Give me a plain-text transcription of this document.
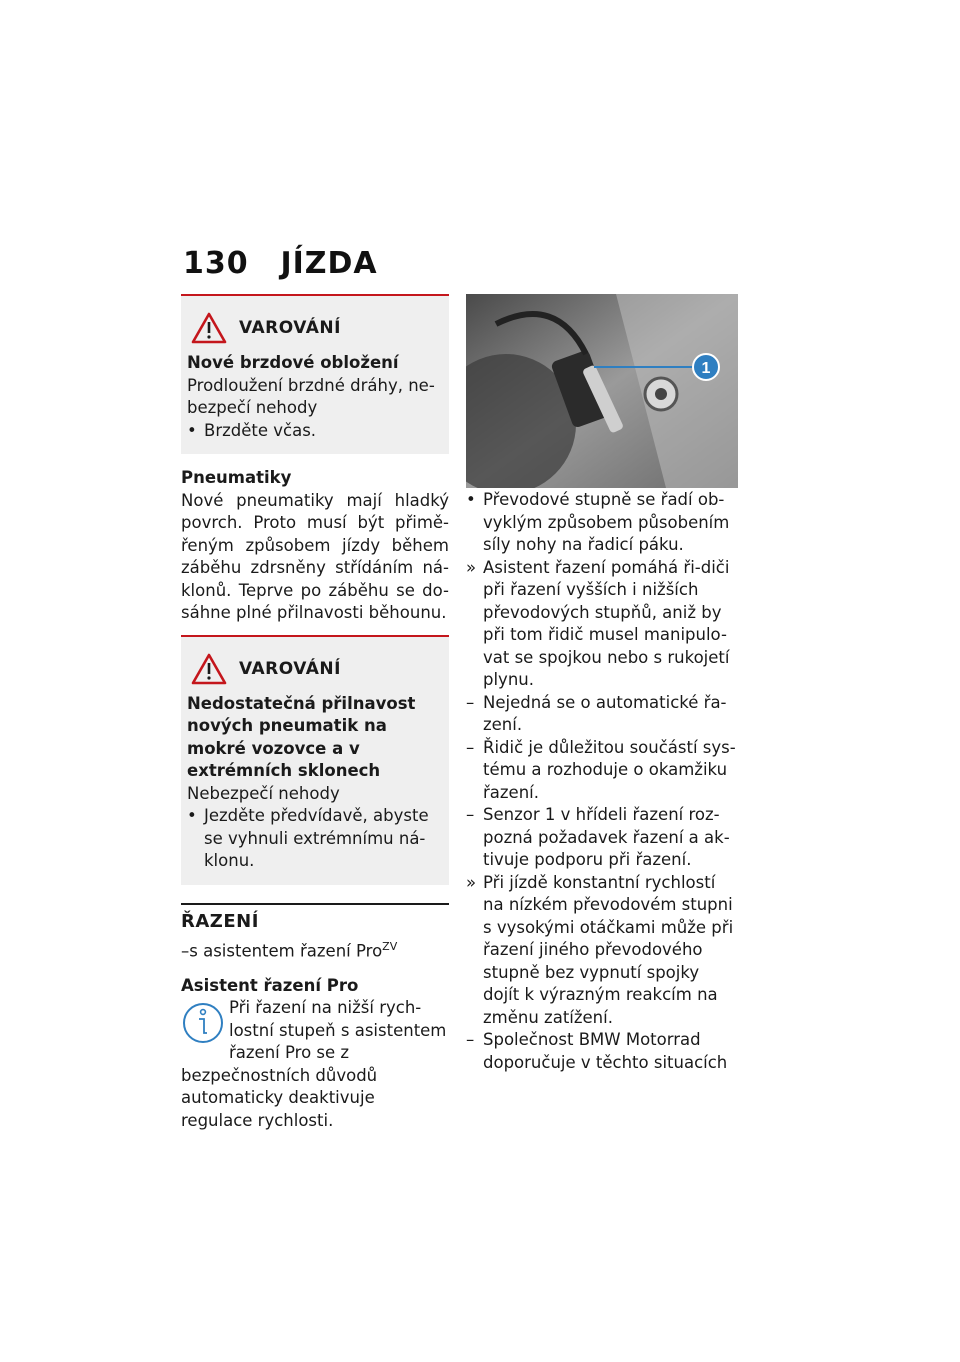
130 JÍZDA
VAROVÁNÍ

Nové brzdové obložení

Prodloužení brzdné dráhy, ne-bezpečí nehody

• Brzděte včas.

Pneumatiky

Nové pneumatiky mají hladký povrch. Proto musí být přimě-řeným způsobem jízdy během záběhu zdrsněny střídáním ná-klonů. Teprve po záběhu se do-sáhne plné přilnavosti běhounu.

VAROVÁNÍ

Nedostatečná přilnavost nových pneumatik na mokré vozovce a v extrémních sklonech

Nebezpečí nehody

• Jezděte předvídavě, abyste se vyhnuli extrémnímu ná-klonu.
ŘAZENÍ

–s asistentem řazení Pro$^{ZV}$

Asistent řazení Pro

Při řazení na nižší rych-lostní stupeň s asistentem řazení Pro se z bezpečnostních důvodů automaticky deaktivuje regulace rychlosti.

1
• Převodové stupně se řadí ob-vyklým způsobem působením síly nohy na řadicí páku.
» Asistent řazení pomáhá ři-diči při řazení vyšších i nižších převodových stupňů, aniž by při tom řidič musel manipulo-vat se spojkou nebo s rukojetí plynu.
– Nejedná se o automatické řa-zení.
– Řidič je důležitou součástí sys-tému a rozhoduje o okamžiku řazení.
– Senzor 1 v hřídeli řazení roz-pozná požadavek řazení a ak-tivuje podporu při řazení.
» Při jízdě konstantní rychlostí na nízkém převodovém stupni s vysokými otáčkami může při řazení jiného převodového stupně bez vypnutí spojky dojít k výrazným reakcím na změnu zatížení.
– Společnost BMW Motorrad doporučuje v těchto situacích
